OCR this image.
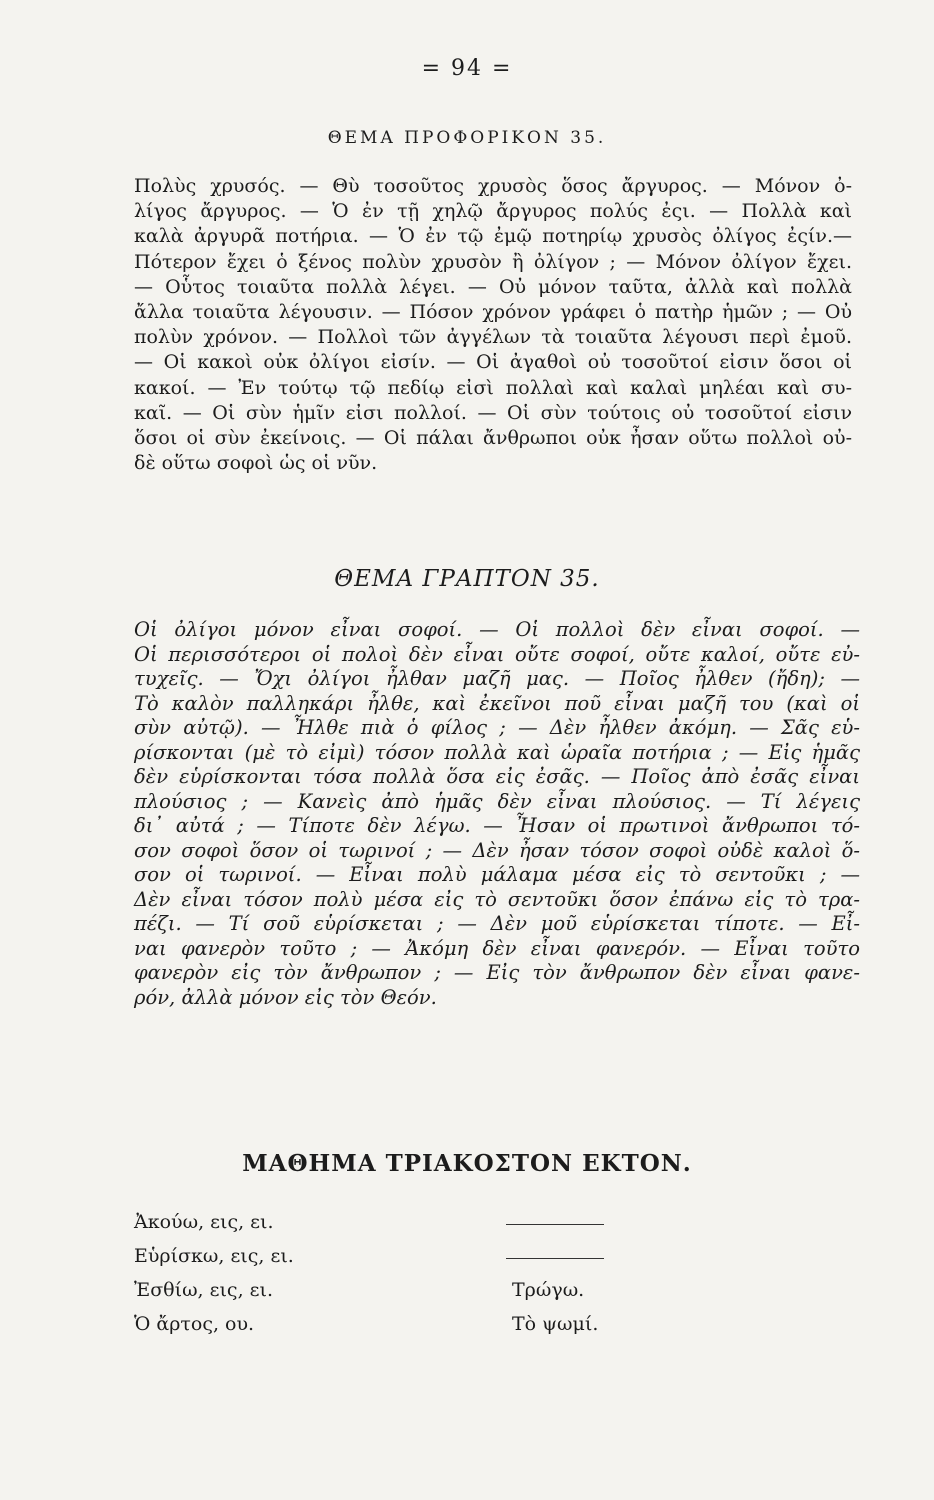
= 94 =
ΘΕΜΑ ΠΡΟΦΟΡΙΚΟΝ 35.
Πολὺς χρυσός. — Θὺ τοσοῦτος χρυσὸς ὅσος ἄργυρος. — Μόνον ὀ-
λίγος ἄργυρος. — Ὁ ἐν τῇ χηλῷ ἄργυρος πολύς ἐςι. — Πολλὰ καὶ
καλὰ ἀργυρᾶ ποτήρια. — Ὁ ἐν τῷ ἐμῷ ποτηρίῳ χρυσὸς ὀλίγος ἐςίν.—
Πότερον ἔχει ὁ ξένος πολὺν χρυσὸν ἢ ὀλίγον ; — Μόνον ὀλίγον ἔχει.
— Οὗτος τοιαῦτα πολλὰ λέγει. — Οὐ μόνον ταῦτα, ἀλλὰ καὶ πολλὰ
ἄλλα τοιαῦτα λέγουσιν. — Πόσον χρόνον γράφει ὁ πατὴρ ἡμῶν ; — Οὐ
πολὺν χρόνον. — Πολλοὶ τῶν ἀγγέλων τὰ τοιαῦτα λέγουσι περὶ ἐμοῦ.
— Οἱ κακοὶ οὐκ ὀλίγοι εἰσίν. — Οἱ ἀγαθοὶ οὐ τοσοῦτοί εἰσιν ὅσοι οἱ
κακοί. — Ἐν τούτῳ τῷ πεδίῳ εἰσὶ πολλαὶ καὶ καλαὶ μηλέαι καὶ συ-
καῖ. — Οἱ σὺν ἡμῖν εἰσι πολλοί. — Οἱ σὺν τούτοις οὐ τοσοῦτοί εἰσιν
ὅσοι οἱ σὺν ἐκείνοις. — Οἱ πάλαι ἄνθρωποι οὐκ ἦσαν οὕτω πολλοὶ οὐ-
δὲ οὕτω σοφοὶ ὡς οἱ νῦν.
ΘΕΜΑ ΓΡΑΠΤΟΝ 35.
Οἱ ὀλίγοι μόνον εἶναι σοφοί. — Οἱ πολλοὶ δὲν εἶναι σοφοί. —
Οἱ περισσότεροι οἱ πολοὶ δὲν εἶναι οὔτε σοφοί, οὔτε καλοί, οὔτε εὐ-
τυχεῖς. — Ὄχι ὀλίγοι ἦλθαν μαζῆ μας. — Ποῖος ἦλθεν (ἤδη); —
Τὸ καλὸν παλληκάρι ἦλθε, καὶ ἐκεῖνοι ποῦ εἶναι μαζῆ του (καὶ οἱ
σὺν αὐτῷ). — Ἦλθε πιὰ ὁ φίλος ; — Δὲν ἦλθεν ἀκόμη. — Σᾶς εὑ-
ρίσκονται (μὲ τὸ εἰμὶ) τόσον πολλὰ καὶ ὡραῖα ποτήρια ; — Εἰς ἡμᾶς
δὲν εὑρίσκονται τόσα πολλὰ ὅσα εἰς ἐσᾶς. — Ποῖος ἀπὸ ἐσᾶς εἶναι
πλούσιος ; — Κανεὶς ἀπὸ ἡμᾶς δὲν εἶναι πλούσιος. — Τί λέγεις
δι᾽ αὐτά ; — Τίποτε δὲν λέγω. — Ἦσαν οἱ πρωτινοὶ ἄνθρωποι τό-
σον σοφοὶ ὅσον οἱ τωρινοί ; — Δὲν ἦσαν τόσον σοφοὶ οὐδὲ καλοὶ ὅ-
σον οἱ τωρινοί. — Εἶναι πολὺ μάλαμα μέσα εἰς τὸ σεντοῦκι ; —
Δὲν εἶναι τόσον πολὺ μέσα εἰς τὸ σεντοῦκι ὅσον ἐπάνω εἰς τὸ τρα-
πέζι. — Τί σοῦ εὑρίσκεται ; — Δὲν μοῦ εὑρίσκεται τίποτε. — Εἶ-
ναι φανερὸν τοῦτο ; — Ἀκόμη δὲν εἶναι φανερόν. — Εἶναι τοῦτο
φανερὸν εἰς τὸν ἄνθρωπον ; — Εἰς τὸν ἄνθρωπον δὲν εἶναι φανε-
ρόν, ἀλλὰ μόνον εἰς τὸν Θεόν.
ΜΑΘΗΜΑ ΤΡΙΑΚΟΣΤΟΝ ΕΚΤΟΝ.
Ἀκούω, εις, ει.
Εὑρίσκω, εις, ει.
Ἐσθίω, εις, ει.	Τρώγω.
Ὁ ἄρτος, ου.	Τὸ ψωμί.
